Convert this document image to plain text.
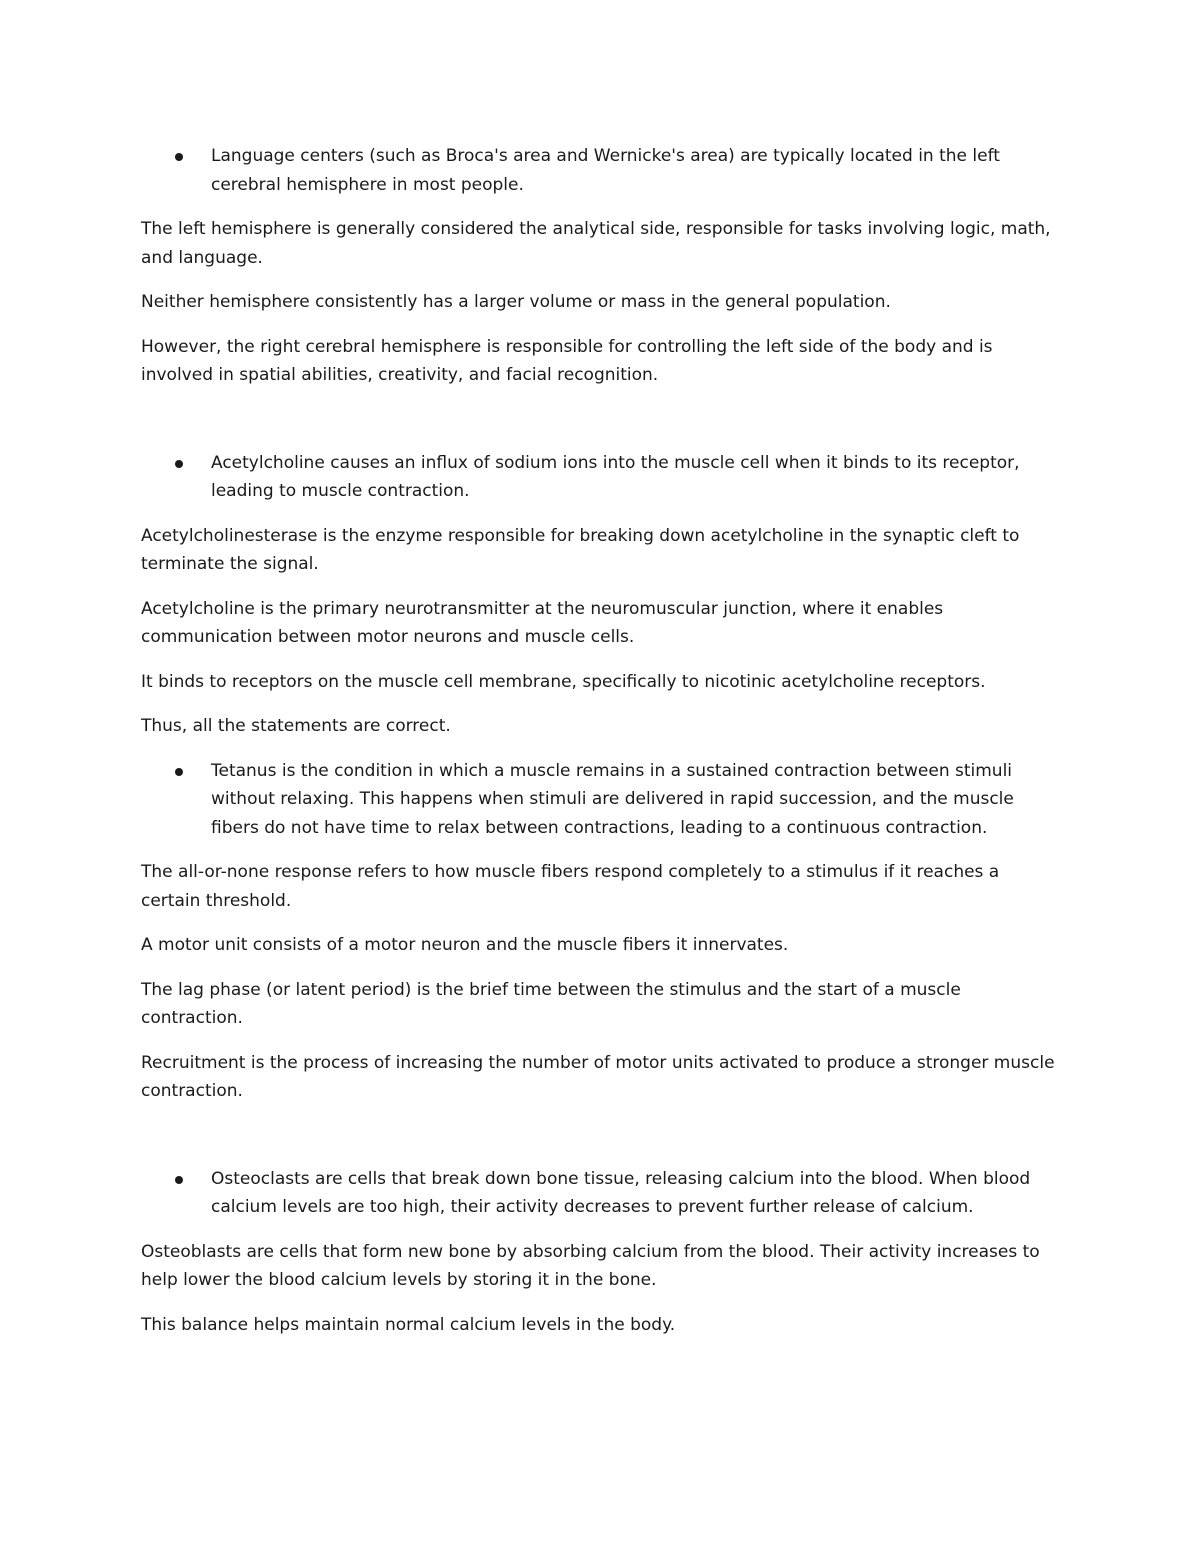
Language centers (such as Broca's area and Wernicke's area) are typically located in the left cerebral hemisphere in most people.

The left hemisphere is generally considered the analytical side, responsible for tasks involving logic, math, and language.

Neither hemisphere consistently has a larger volume or mass in the general population.

However, the right cerebral hemisphere is responsible for controlling the left side of the body and is involved in spatial abilities, creativity, and facial recognition.

Acetylcholine causes an influx of sodium ions into the muscle cell when it binds to its receptor, leading to muscle contraction.

Acetylcholinesterase is the enzyme responsible for breaking down acetylcholine in the synaptic cleft to terminate the signal.

Acetylcholine is the primary neurotransmitter at the neuromuscular junction, where it enables communication between motor neurons and muscle cells.

It binds to receptors on the muscle cell membrane, specifically to nicotinic acetylcholine receptors.

Thus, all the statements are correct.

Tetanus is the condition in which a muscle remains in a sustained contraction between stimuli without relaxing. This happens when stimuli are delivered in rapid succession, and the muscle fibers do not have time to relax between contractions, leading to a continuous contraction.

The all-or-none response refers to how muscle fibers respond completely to a stimulus if it reaches a certain threshold.

A motor unit consists of a motor neuron and the muscle fibers it innervates.

The lag phase (or latent period) is the brief time between the stimulus and the start of a muscle contraction.

Recruitment is the process of increasing the number of motor units activated to produce a stronger muscle contraction.

Osteoclasts are cells that break down bone tissue, releasing calcium into the blood. When blood calcium levels are too high, their activity decreases to prevent further release of calcium.

Osteoblasts are cells that form new bone by absorbing calcium from the blood. Their activity increases to help lower the blood calcium levels by storing it in the bone.

This balance helps maintain normal calcium levels in the body.
